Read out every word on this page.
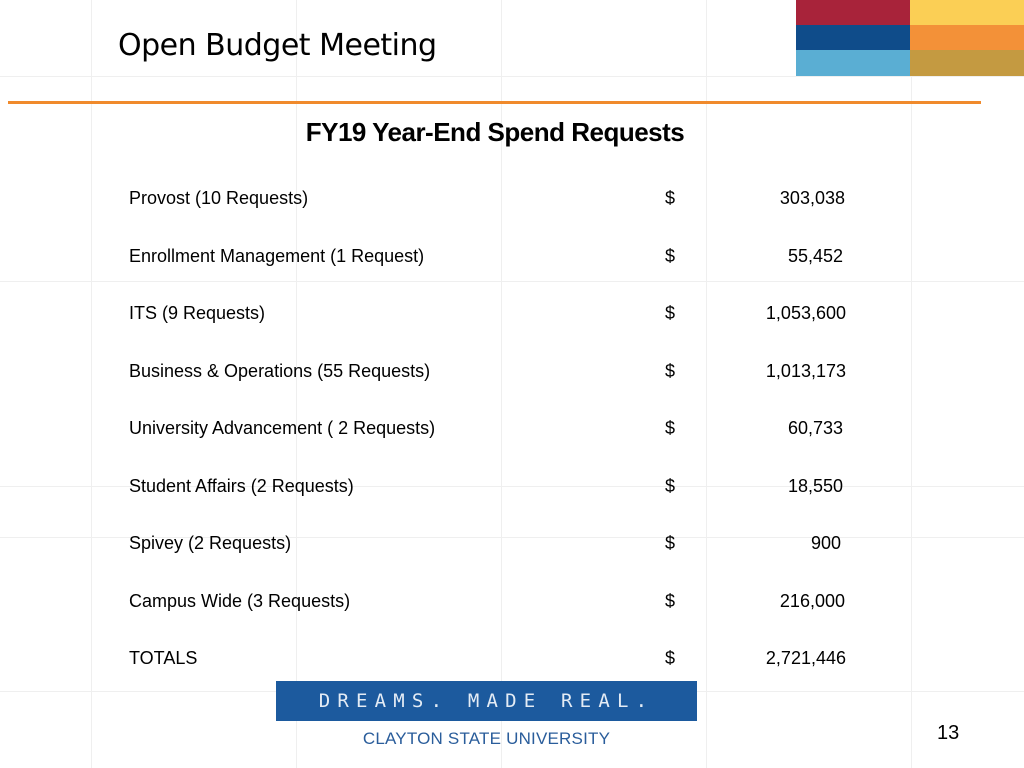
Open Budget Meeting
FY19 Year-End Spend Requests
Provost (10 Requests)	$	303,038
Enrollment Management (1 Request)	$	55,452
ITS (9 Requests)	$	1,053,600
Business & Operations (55 Requests)	$	1,013,173
University Advancement ( 2 Requests)	$	60,733
Student Affairs (2 Requests)	$	18,550
Spivey (2 Requests)	$	900
Campus Wide (3 Requests)	$	216,000
TOTALS	$	2,721,446
DREAMS. MADE REAL.
CLAYTON STATE UNIVERSITY	13
